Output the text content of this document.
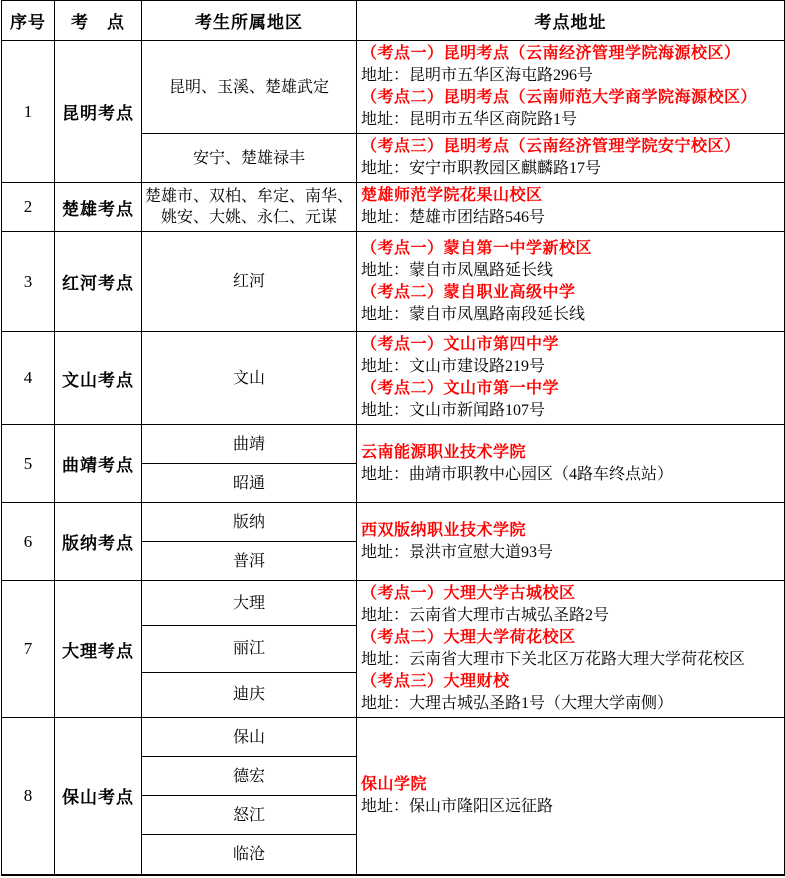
序号	考　点	考生所属地区	考点地址
1	昆明考点	昆明、玉溪、楚雄武定	（考点一）昆明考点（云南经济管理学院海源校区）
地址：昆明市五华区海屯路296号
（考点二）昆明考点（云南师范大学商学院海源校区）
地址：昆明市五华区商院路1号

		安宁、楚雄禄丰	（考点三）昆明考点（云南经济管理学院安宁校区）
地址：安宁市职教园区麒麟路17号

2	楚雄考点	楚雄市、双柏、牟定、南华、姚安、大姚、永仁、元谋	楚雄师范学院花果山校区
地址：楚雄市团结路546号

3	红河考点	红河	（考点一）蒙自第一中学新校区
地址：蒙自市凤凰路延长线
（考点二）蒙自职业高级中学
地址：蒙自市凤凰路南段延长线

4	文山考点	文山	（考点一）文山市第四中学
地址：文山市建设路219号
（考点二）文山市第一中学
地址：文山市新闻路107号

5	曲靖考点	曲靖	云南能源职业技术学院
地址：曲靖市职教中心园区（4路车终点站）

		昭通	
6	版纳考点	版纳	西双版纳职业技术学院
地址：景洪市宣慰大道93号

		普洱	
7	大理考点	大理	
（考点一）大理大学古城校区
地址：云南省大理市古城弘圣路2号
（考点二）大理大学荷花校区
地址：云南省大理市下关北区万花路大理大学荷花校区
（考点三）大理财校
地址：大理古城弘圣路1号（大理大学南侧）

		丽江	
		迪庆	
8	保山考点	保山	保山学院
地址：保山市隆阳区远征路

		德宏	
		怒江	
		临沧	
